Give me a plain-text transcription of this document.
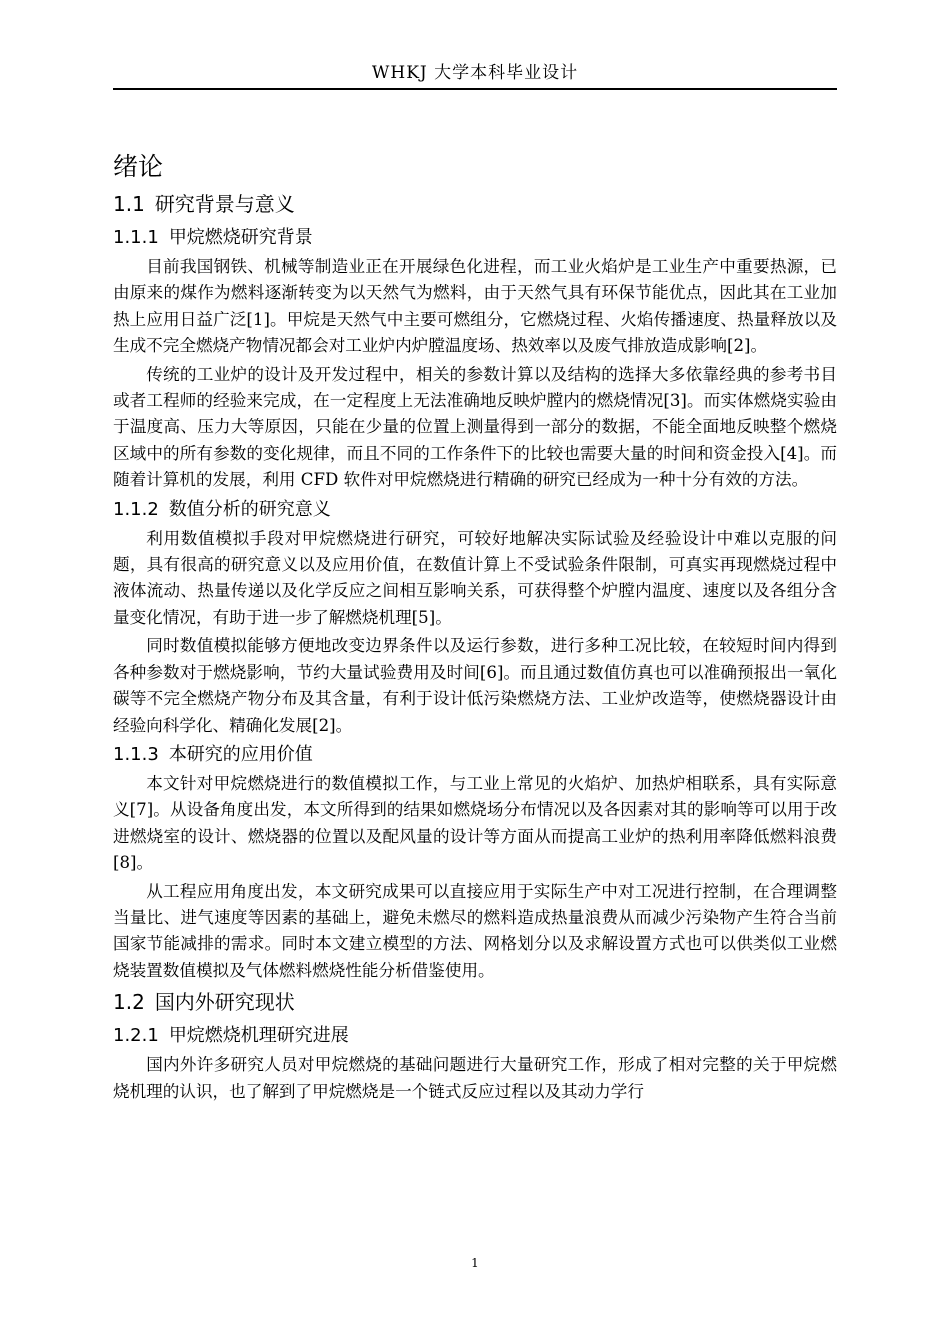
WHKJ 大学本科毕业设计
绪论
1.1 研究背景与意义
1.1.1 甲烷燃烧研究背景

目前我国钢铁、机械等制造业正在开展绿色化进程，而工业火焰炉是工业生产中重要热源，已由原来的煤作为燃料逐渐转变为以天然气为燃料，由于天然气具有环保节能优点，因此其在工业加热上应用日益广泛[1]。甲烷是天然气中主要可燃组分，它燃烧过程、火焰传播速度、热量释放以及生成不完全燃烧产物情况都会对工业炉内炉膛温度场、热效率以及废气排放造成影响[2]。

传统的工业炉的设计及开发过程中，相关的参数计算以及结构的选择大多依靠经典的参考书目或者工程师的经验来完成，在一定程度上无法准确地反映炉膛内的燃烧情况[3]。而实体燃烧实验由于温度高、压力大等原因，只能在少量的位置上测量得到一部分的数据，不能全面地反映整个燃烧区域中的所有参数的变化规律，而且不同的工作条件下的比较也需要大量的时间和资金投入[4]。而随着计算机的发展，利用 CFD 软件对甲烷燃烧进行精确的研究已经成为一种十分有效的方法。

1.1.2 数值分析的研究意义

利用数值模拟手段对甲烷燃烧进行研究，可较好地解决实际试验及经验设计中难以克服的问题，具有很高的研究意义以及应用价值，在数值计算上不受试验条件限制，可真实再现燃烧过程中液体流动、热量传递以及化学反应之间相互影响关系，可获得整个炉膛内温度、速度以及各组分含量变化情况，有助于进一步了解燃烧机理[5]。

同时数值模拟能够方便地改变边界条件以及运行参数，进行多种工况比较，在较短时间内得到各种参数对于燃烧影响，节约大量试验费用及时间[6]。而且通过数值仿真也可以准确预报出一氧化碳等不完全燃烧产物分布及其含量，有利于设计低污染燃烧方法、工业炉改造等，使燃烧器设计由经验向科学化、精确化发展[2]。

1.1.3 本研究的应用价值

本文针对甲烷燃烧进行的数值模拟工作，与工业上常见的火焰炉、加热炉相联系，具有实际意义[7]。从设备角度出发，本文所得到的结果如燃烧场分布情况以及各因素对其的影响等可以用于改进燃烧室的设计、燃烧器的位置以及配风量的设计等方面从而提高工业炉的热利用率降低燃料浪费[8]。

从工程应用角度出发，本文研究成果可以直接应用于实际生产中对工况进行控制，在合理调整当量比、进气速度等因素的基础上，避免未燃尽的燃料造成热量浪费从而减少污染物产生符合当前国家节能减排的需求。同时本文建立模型的方法、网格划分以及求解设置方式也可以供类似工业燃烧装置数值模拟及气体燃料燃烧性能分析借鉴使用。

1.2 国内外研究现状
1.2.1 甲烷燃烧机理研究进展

国内外许多研究人员对甲烷燃烧的基础问题进行大量研究工作，形成了相对完整的关于甲烷燃烧机理的认识，也了解到了甲烷燃烧是一个链式反应过程以及其动力学行

1
